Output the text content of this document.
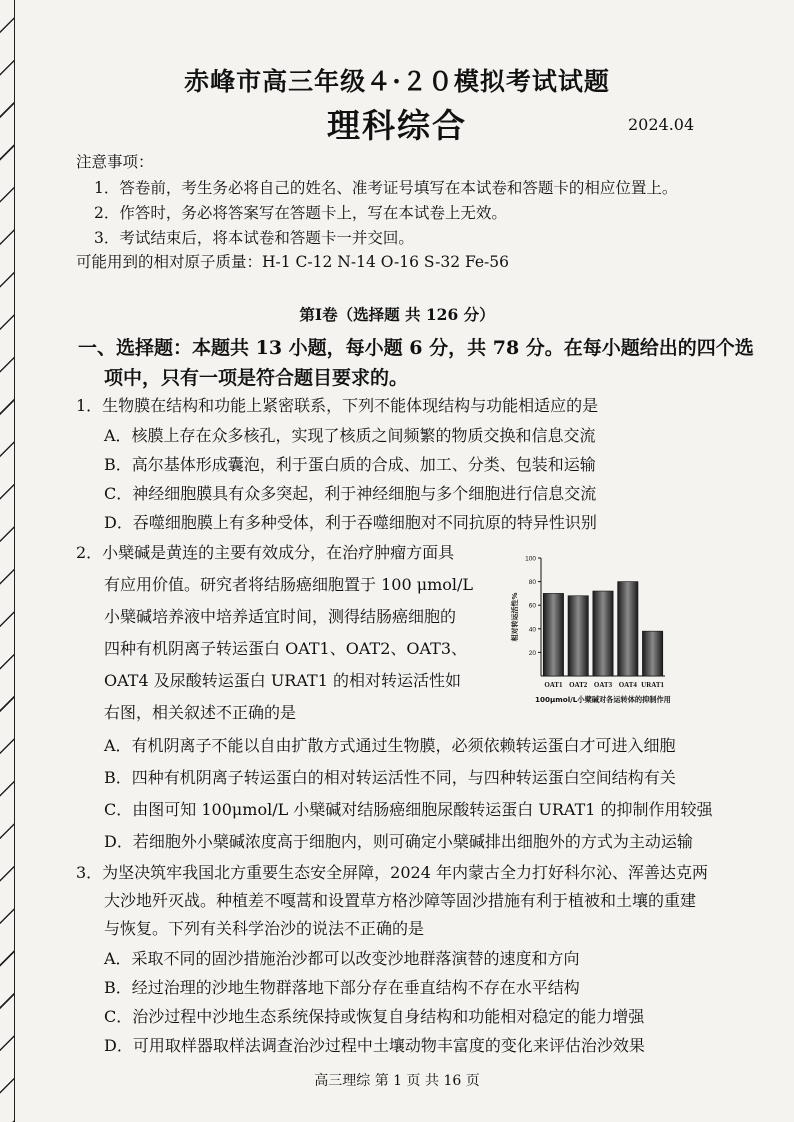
赤峰市高三年级４·２０模拟考试试题
理科综合	2024.04
注意事项：
1．答卷前，考生务必将自己的姓名、准考证号填写在本试卷和答题卡的相应位置上。
2．作答时，务必将答案写在答题卡上，写在本试卷上无效。
3．考试结束后，将本试卷和答题卡一并交回。
可能用到的相对原子质量：H-1 C-12 N-14 O-16 S-32 Fe-56
第Ⅰ卷（选择题 共 126 分）
一、选择题：本题共 13 小题，每小题 6 分，共 78 分。在每小题给出的四个选
项中，只有一项是符合题目要求的。
1．生物膜在结构和功能上紧密联系，下列不能体现结构与功能相适应的是
A．核膜上存在众多核孔，实现了核质之间频繁的物质交换和信息交流
B．高尔基体形成囊泡，利于蛋白质的合成、加工、分类、包装和运输
C．神经细胞膜具有众多突起，利于神经细胞与多个细胞进行信息交流
D．吞噬细胞膜上有多种受体，利于吞噬细胞对不同抗原的特异性识别
2．小檗碱是黄连的主要有效成分，在治疗肿瘤方面具
有应用价值。研究者将结肠癌细胞置于 100 μmol/L
小檗碱培养液中培养适宜时间，测得结肠癌细胞的
四种有机阴离子转运蛋白 OAT1、OAT2、OAT3、
OAT4 及尿酸转运蛋白 URAT1 的相对转运活性如
右图，相关叙述不正确的是
20
40
60
80
100
相对转运活性%
OAT1 OAT2 OAT3 OAT4 URAT1
100μmol/L小檗碱对各运转体的抑制作用
A．有机阴离子不能以自由扩散方式通过生物膜，必须依赖转运蛋白才可进入细胞
B．四种有机阴离子转运蛋白的相对转运活性不同，与四种转运蛋白空间结构有关
C．由图可知 100μmol/L 小檗碱对结肠癌细胞尿酸转运蛋白 URAT1 的抑制作用较强
D．若细胞外小檗碱浓度高于细胞内，则可确定小檗碱排出细胞外的方式为主动运输
3．为坚决筑牢我国北方重要生态安全屏障，2024 年内蒙古全力打好科尔沁、浑善达克两
大沙地歼灭战。种植差不嘎蒿和设置草方格沙障等固沙措施有利于植被和土壤的重建
与恢复。下列有关科学治沙的说法不正确的是
A．采取不同的固沙措施治沙都可以改变沙地群落演替的速度和方向
B．经过治理的沙地生物群落地下部分存在垂直结构不存在水平结构
C．治沙过程中沙地生态系统保持或恢复自身结构和功能相对稳定的能力增强
D．可用取样器取样法调查治沙过程中土壤动物丰富度的变化来评估治沙效果
高三理综 第 1 页 共 16 页
